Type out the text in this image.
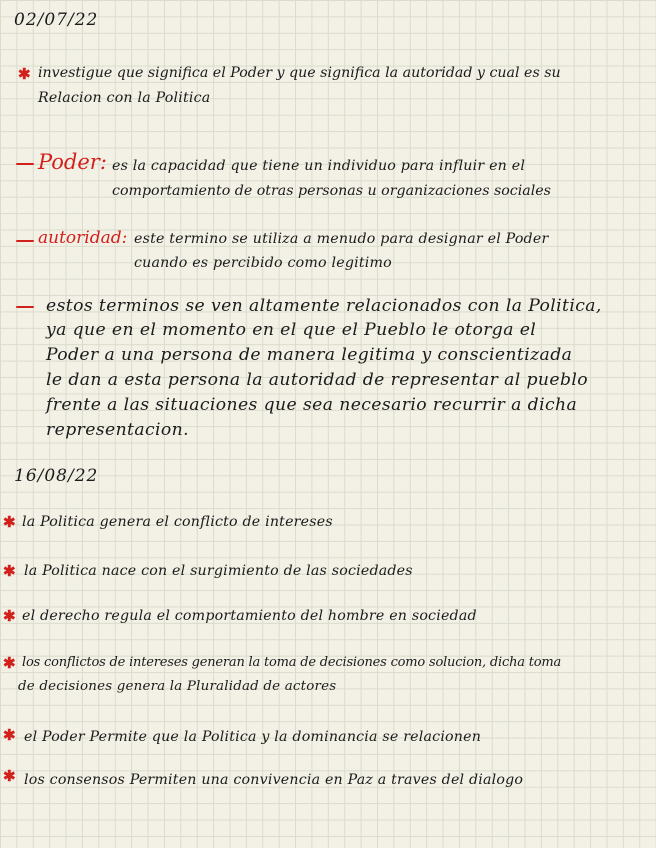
02/07/22
✱ investigue que significa el Poder y que significa la autoridad y cual es su
Relacion con la Politica
Poder: es la capacidad que tiene un individuo para influir en el
comportamiento de otras personas u organizaciones sociales
autoridad: este termino se utiliza a menudo para designar el Poder
cuando es percibido como legitimo
estos terminos se ven altamente relacionados con la Politica,
ya que en el momento en el que el Pueblo le otorga el
Poder a una persona de manera legitima y conscientizada
le dan a esta persona la autoridad de representar al pueblo
frente a las situaciones que sea necesario recurrir a dicha
representacion.
16/08/22
✱ la Politica genera el conflicto de intereses
✱ la Politica nace con el surgimiento de las sociedades
✱ el derecho regula el comportamiento del hombre en sociedad
✱ los conflictos de intereses generan la toma de decisiones como solucion, dicha toma
de decisiones genera la Pluralidad de actores
✱ el Poder Permite que la Politica y la dominancia se relacionen
✱ los consensos Permiten una convivencia en Paz a traves del dialogo
